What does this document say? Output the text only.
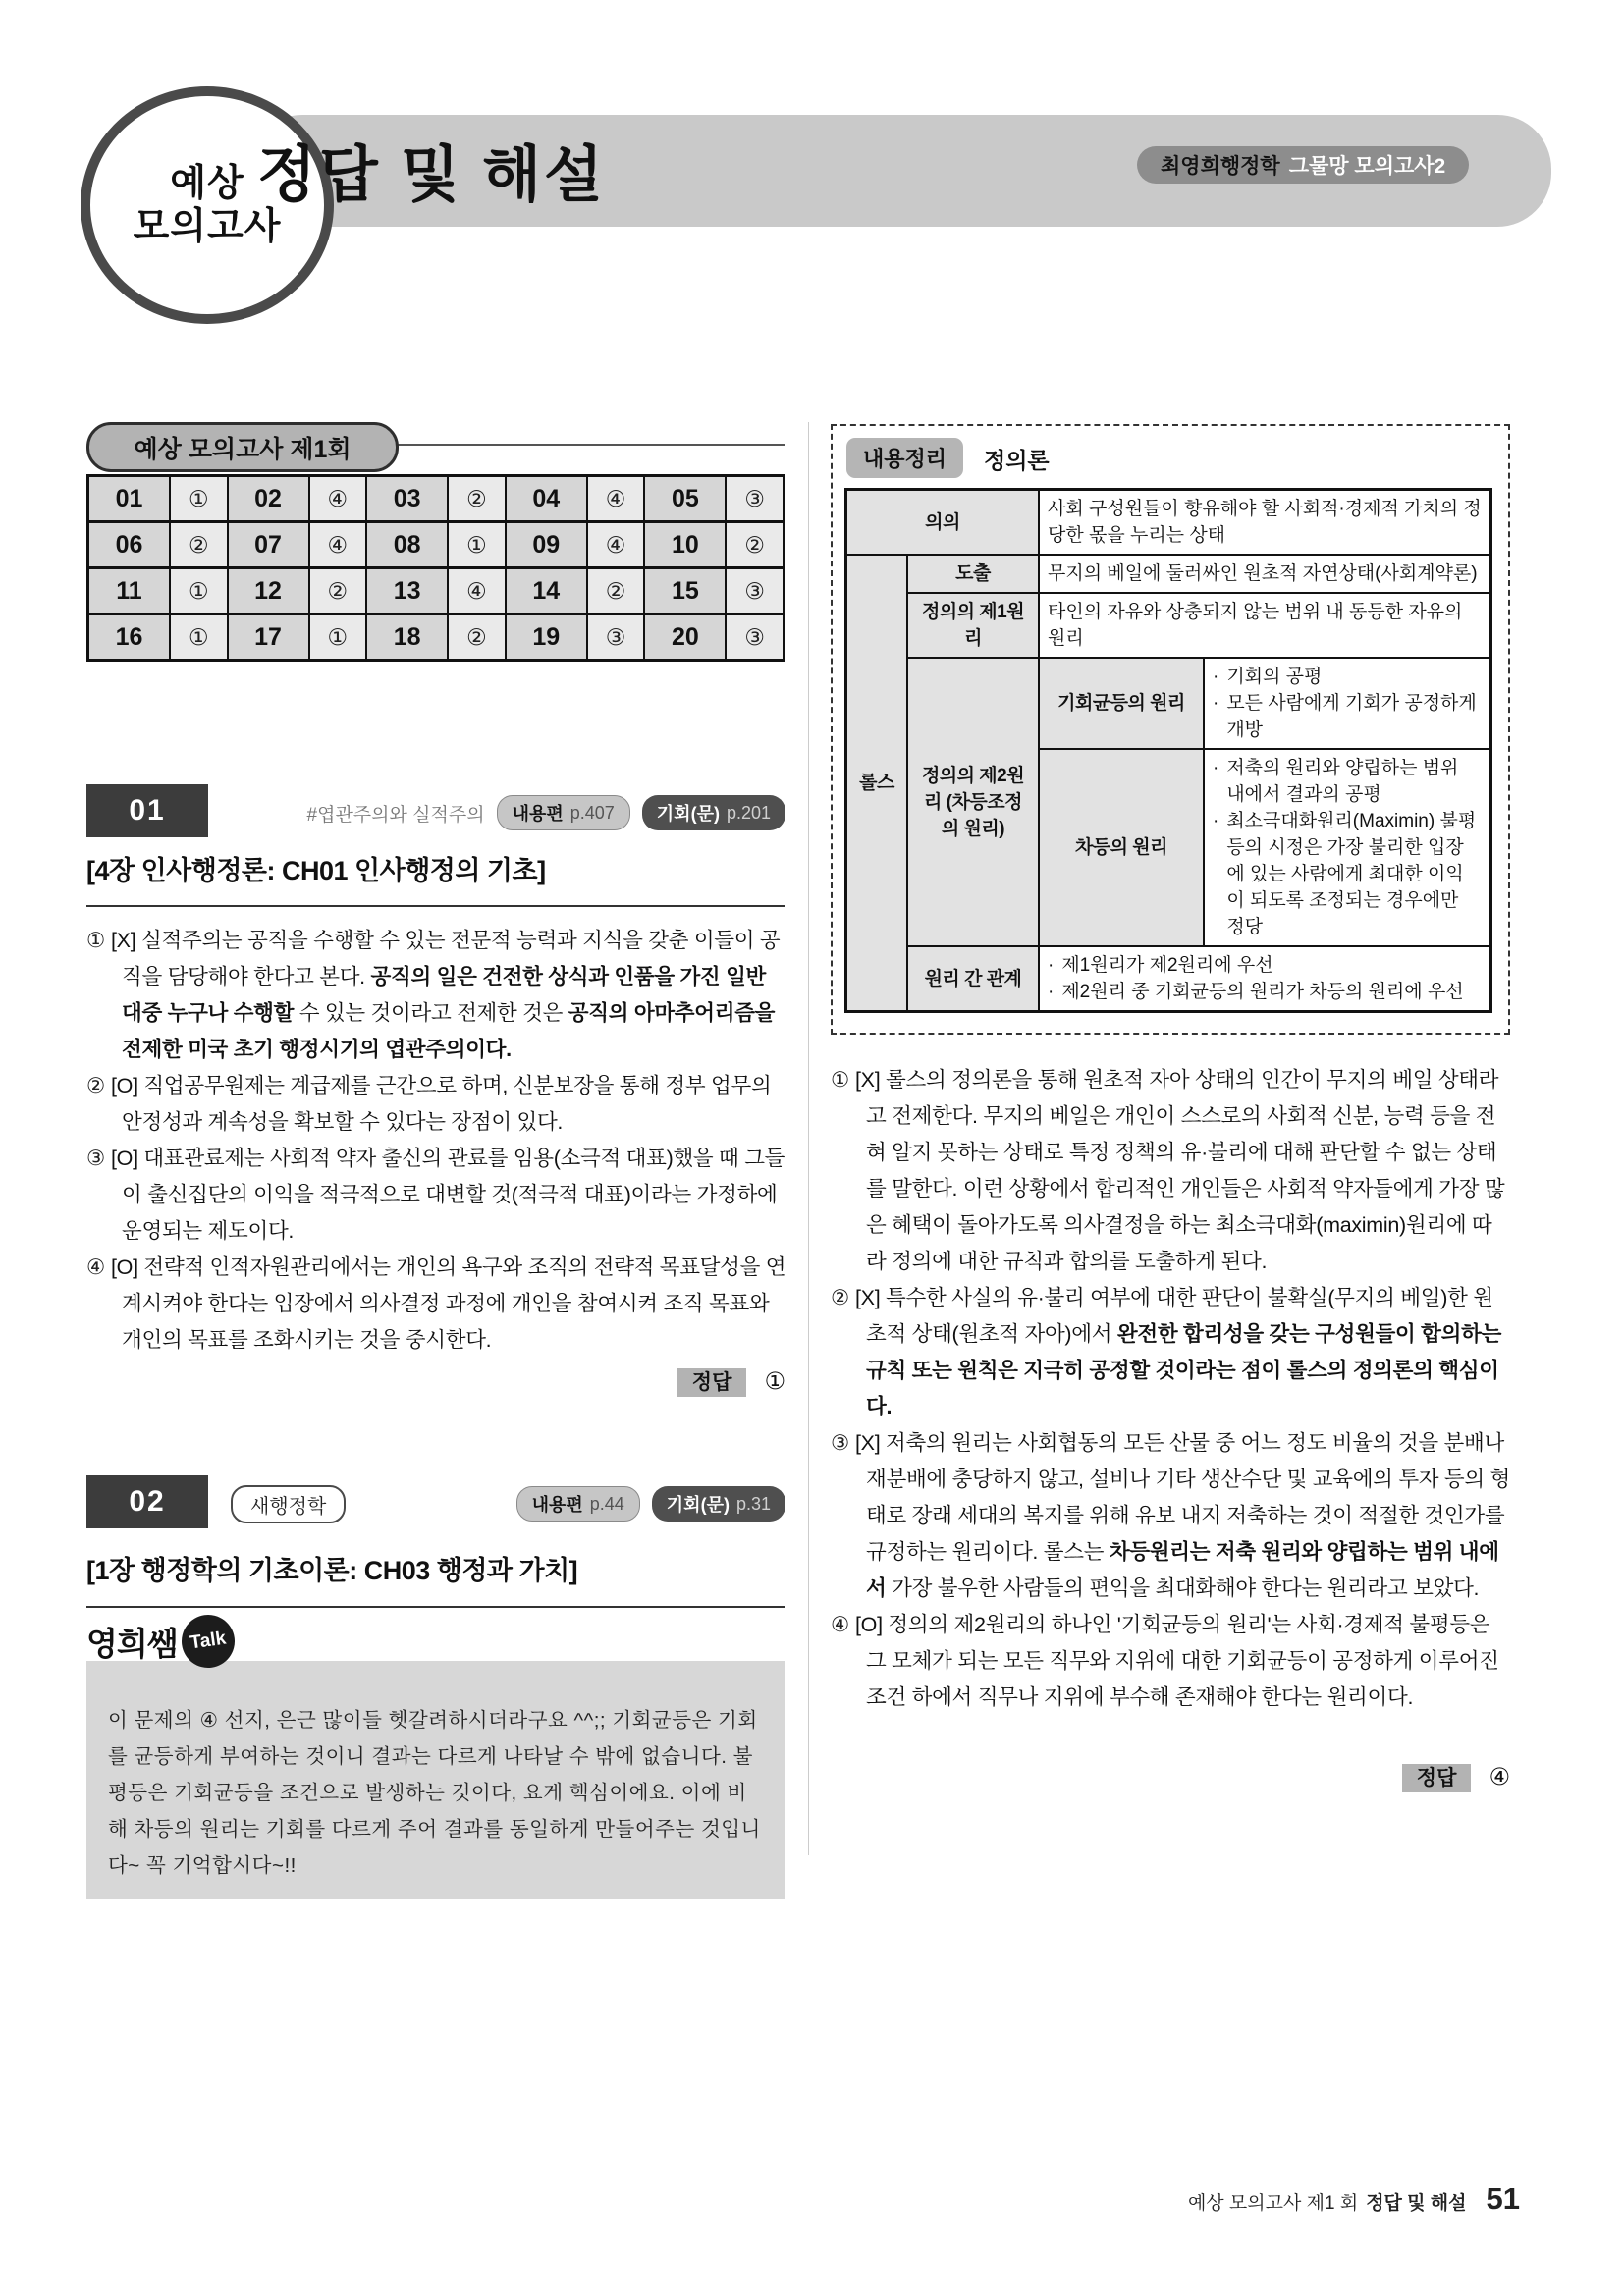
예상
모의고사
정답 및 해설	최영희행정학 그물망 모의고사2
예상 모의고사 제1회
01	①	02	④	03	②	04	④	05	③
06	②	07	④	08	①	09	④	10	②
11	①	12	②	13	④	14	②	15	③
16	①	17	①	18	②	19	③	20	③
01	#엽관주의와 실적주의 내용편 p.407 기회(문) p.201
[4장 인사행정론: CH01 인사행정의 기초]
① [X] 실적주의는 공직을 수행할 수 있는 전문적 능력과 지식을 갖춘 이들이 공직을 담당해야 한다고 본다. 공직의 일은 건전한 상식과 인품을 가진 일반 대중 누구나 수행할 수 있는 것이라고 전제한 것은 공직의 아마추어리즘을 전제한 미국 초기 행정시기의 엽관주의이다.
② [O] 직업공무원제는 계급제를 근간으로 하며, 신분보장을 통해 정부 업무의 안정성과 계속성을 확보할 수 있다는 장점이 있다.
③ [O] 대표관료제는 사회적 약자 출신의 관료를 임용(소극적 대표)했을 때 그들이 출신집단의 이익을 적극적으로 대변할 것(적극적 대표)이라는 가정하에 운영되는 제도이다.
④ [O] 전략적 인적자원관리에서는 개인의 욕구와 조직의 전략적 목표달성을 연계시켜야 한다는 입장에서 의사결정 과정에 개인을 참여시켜 조직 목표와 개인의 목표를 조화시키는 것을 중시한다.
정답 ①
02	새행정학	내용편 p.44 기회(문) p.31
[1장 행정학의 기초이론: CH03 행정과 가치]
영희쌤 Talk
이 문제의 ④ 선지, 은근 많이들 헷갈려하시더라구요 ^^;; 기회균등은 기회를 균등하게 부여하는 것이니 결과는 다르게 나타날 수 밖에 없습니다. 불평등은 기회균등을 조건으로 발생하는 것이다, 요게 핵심이에요. 이에 비해 차등의 원리는 기회를 다르게 주어 결과를 동일하게 만들어주는 것입니다~ 꼭 기억합시다~!!
내용정리	정의론
의의		사회 구성원들이 향유해야 할 사회적·경제적 가치의 정당한 몫을 누리는 상태	
롤스	도출	무지의 베일에 둘러싸인 원초적 자연상태(사회계약론)	
	정의의 제1원리	타인의 자유와 상충되지 않는 범위 내 동등한 자유의 원리	
	정의의 제2원리 (차등조정의 원리)	기회균등의 원리	· 기회의 공평
· 모든 사람에게 기회가 공정하게 개방

		차등의 원리	· 저축의 원리와 양립하는 범위 내에서 결과의 공평
· 최소극대화원리(Maximin) 불평등의 시정은 가장 불리한 입장에 있는 사람에게 최대한 이익이 되도록 조정되는 경우에만 정당

	원리 간 관계	· 제1원리가 제2원리에 우선
· 제2원리 중 기회균등의 원리가 차등의 원리에 우선	
① [X] 롤스의 정의론을 통해 원초적 자아 상태의 인간이 무지의 베일 상태라고 전제한다. 무지의 베일은 개인이 스스로의 사회적 신분, 능력 등을 전혀 알지 못하는 상태로 특정 정책의 유·불리에 대해 판단할 수 없는 상태를 말한다. 이런 상황에서 합리적인 개인들은 사회적 약자들에게 가장 많은 혜택이 돌아가도록 의사결정을 하는 최소극대화(maximin)원리에 따라 정의에 대한 규칙과 합의를 도출하게 된다.
② [X] 특수한 사실의 유·불리 여부에 대한 판단이 불확실(무지의 베일)한 원초적 상태(원초적 자아)에서 완전한 합리성을 갖는 구성원들이 합의하는 규칙 또는 원칙은 지극히 공정할 것이라는 점이 롤스의 정의론의 핵심이다.
③ [X] 저축의 원리는 사회협동의 모든 산물 중 어느 정도 비율의 것을 분배나 재분배에 충당하지 않고, 설비나 기타 생산수단 및 교육에의 투자 등의 형태로 장래 세대의 복지를 위해 유보 내지 저축하는 것이 적절한 것인가를 규정하는 원리이다. 롤스는 차등원리는 저축 원리와 양립하는 범위 내에서 가장 불우한 사람들의 편익을 최대화해야 한다는 원리라고 보았다.
④ [O] 정의의 제2원리의 하나인 '기회균등의 원리'는 사회·경제적 불평등은 그 모체가 되는 모든 직무와 지위에 대한 기회균등이 공정하게 이루어진 조건 하에서 직무나 지위에 부수해 존재해야 한다는 원리이다.
정답 ④
예상 모의고사 제1 회 정답 및 해설 51
